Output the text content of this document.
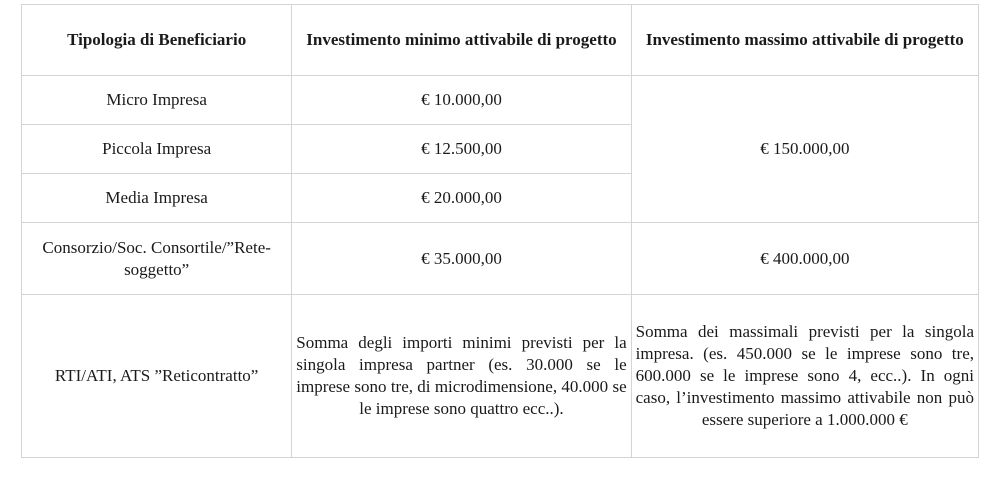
Tipologia di Beneficiario	Investimento minimo attivabile di progetto	Investimento massimo attivabile di progetto
Micro Impresa	€ 10.000,00	€ 150.000,00
Piccola Impresa	€ 12.500,00	
Media Impresa	€ 20.000,00	
Consorzio/Soc. Consortile/”Rete-soggetto”	€ 35.000,00	€ 400.000,00
RTI/ATI, ATS ”Reticontratto”	Somma degli importi minimi previsti per la singola impresa partner (es. 30.000 se le imprese sono tre, di microdimensione, 40.000 se le imprese sono quattro ecc..).	Somma dei massimali previsti per la singola impresa. (es. 450.000 se le imprese sono tre, 600.000 se le imprese sono 4, ecc..). In ogni caso, l’investimento massimo attivabile non può essere superiore a 1.000.000 €
